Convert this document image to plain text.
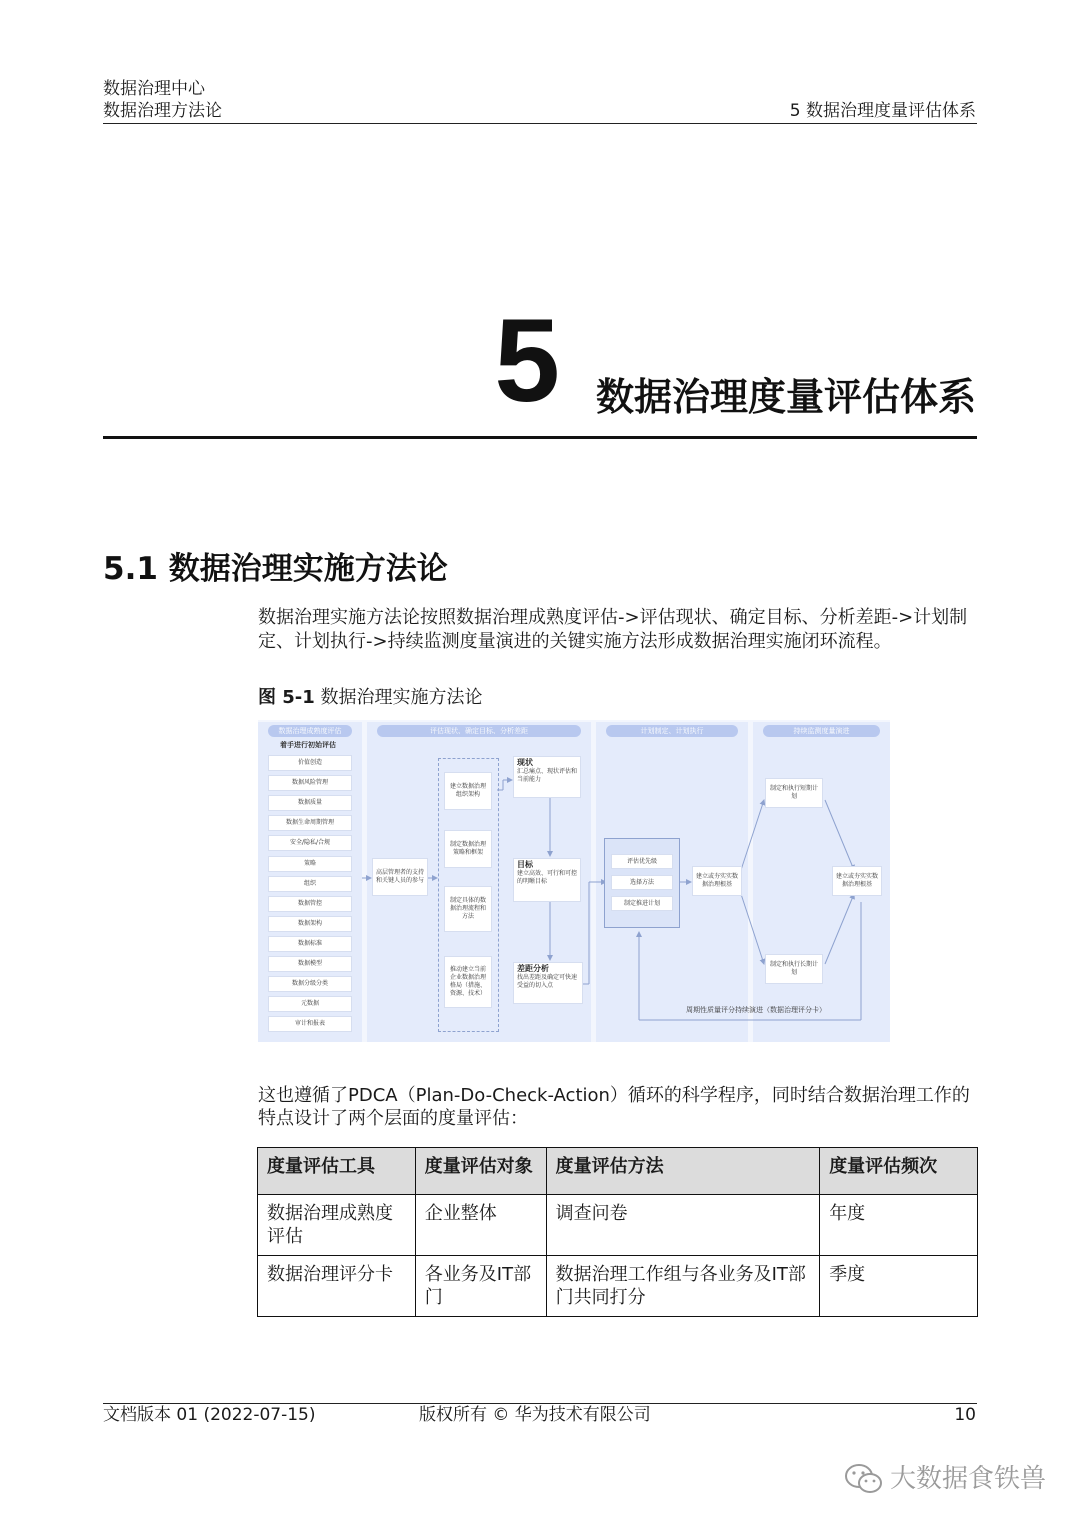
数据治理中心
数据治理方法论	5 数据治理度量评估体系
5 数据治理度量评估体系
5.1 数据治理实施方法论
数据治理实施方法论按照数据治理成熟度评估->评估现状、确定目标、分析差距->计划制定、计划执行->持续监测度量演进的关键实施方法形成数据治理实施闭环流程。
图 5-1 数据治理实施方法论
数据治理成熟度评估	评估现状、确定目标、分析差距	计划制定、计划执行	持续监测度量演进
着手进行初始评估
价值创造
数据风险管理
数据质量
数据生命周期管理
安全/隐私/合规
策略
组织
数据管控
数据架构
数据标准
数据模型
数据分级分类
元数据
审计和报表
高层管理者的支持和关键人员的参与
建立数据治理组织架构
制定数据治理策略和框架
制定具体的数据治理流程和方法
推动建立当前企业数据治理格局（措施、资源、技术）
现状
汇总痛点、现状评估和当前能力
目标
建立高效、可行和可控的明晰目标
差距分析
找出差距及确定可快速受益的切入点
评估优先级
选择方法
制定推进计划
建立或夯实实数据治理根基
制定和执行短期计划
制定和执行长期计划
建立或夯实实数据治理根基
周期性质量评分持续演进（数据治理评分卡）
这也遵循了PDCA（Plan-Do-Check-Action）循环的科学程序，同时结合数据治理工作的特点设计了两个层面的度量评估：
度量评估工具	度量评估对象	度量评估方法	度量评估频次
数据治理成熟度评估	企业整体	调查问卷	年度
数据治理评分卡	各业务及IT部门	数据治理工作组与各业务及IT部门共同打分	季度
文档版本 01 (2022-07-15)	版权所有 © 华为技术有限公司	10
大数据食铁兽
